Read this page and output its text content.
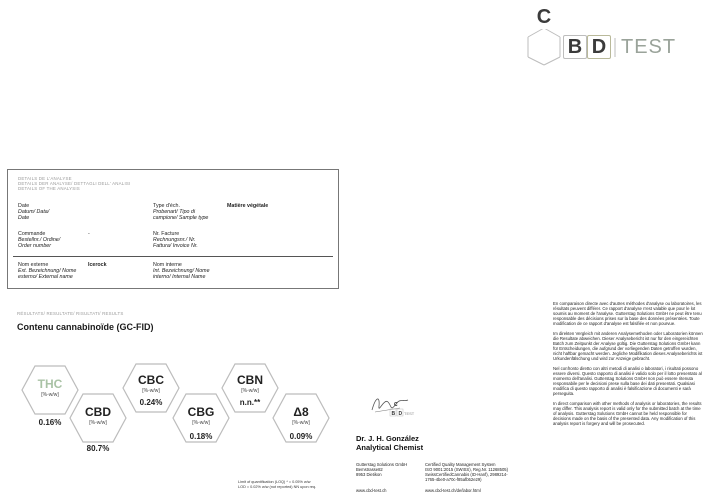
C
B D TEST
DETAILS DE L'ANALYSE
DETAILS DER ANALYSE/ DETTAGLI DELL' ANALISI
DETAILS OF THE ANALYSIS
Date
Datum/ Data/
Date
Type d'éch.
Probenart/ Tipo di
campione/ Sample type
Matière végétale
Commande
Bestellnr./ Ordine/
Order number
-	Nr. Facture
Rechnungsnr./ Nr.
Fattura/ Invoice Nr.
Nom externe
Ext. Bezeichnung/ Nome
esterno/ External name
Icerock	Nom interne
Int. Bezeichnung/ Nome
interno/ Internal Name
RÉSULTATS/ RESULTATE/ RISULTATI/ RESULTS
Contenu cannabinoïde (GC-FID)
THC
[%-w/w]
0.16%
CBD
[%-w/w]
80.7%
CBC
[%-w/w]
0.24%
CBG
[%-w/w]
0.18%
CBN
[%-w/w]
n.n.**
Δ8
[%-w/w]
0.09%
Limit of quantification (LOQ) * = 0.05% w/w
LOD = 0.02% w/w (not reported) NN upon req.
C
B D TEST
Dr. J. H. González
Analytical Chemist
Gutterstag Solutions GmbH
Bemstrasse82
8953 Dietikon
www.cbd-test.ch
Certified Quality Management System
ISO 9001:2015 (SWISS), Reg.Nr. 11268505)
SwissCertifiedCannabis (ID-Hanf), 2989214-
1765-4be0-a70c-f85afb52e29)
www.cbd-test.ch/de/labor.html
En comparaison directe avec d'autres méthodes d'analyse ou laboratoires, les résultats peuvent différer. Ce rapport d'analyse n'est valable que pour le lot soumis au moment de l'analyse. Gutterstag Solutions GmbH ne peut être tenu responsable des décisions prises sur la base des données présentées. Toute modification de ce rapport d'analyse est falsifiée et non pourvue.
Im direkten Vergleich mit anderen Analysemethoden oder Laboratorien können die Resultate abweichen. Dieser Analysebericht ist nur für den eingereichten Batch zum Zeitpunkt der Analyse gültig. Die Gutterstag Solutions GmbH kann für Entscheidungen, die aufgrund der vorliegenden Daten getroffen wurden, nicht haftbar gemacht werden. Jegliche Modifikation dieses Analyseberichts ist Urkundenfälschung und wird zur Anzeige gebracht.
Nel confronto diretto con altri metodi di analisi o laboratori, i risultati possono essere diversi. Questo rapporto di analisi è valido solo per il lotto presentato al momento dell'analisi. Gutterstag Solutions GmbH non può essere ritenuta responsabile per le decisioni prese sulla base dei dati presentati. Qualsiasi modifica di questo rapporto di analisi è falsificazione di documenti e sarà perseguita.
In direct comparison with other methods of analysis or laboratories, the results may differ. This analysis report is valid only for the submitted batch at the time of analysis. Gutterstag Solutions GmbH cannot be held responsible for decisions made on the basis of the presented data. Any modification of this analysis report is forgery and will be prosecuted.
